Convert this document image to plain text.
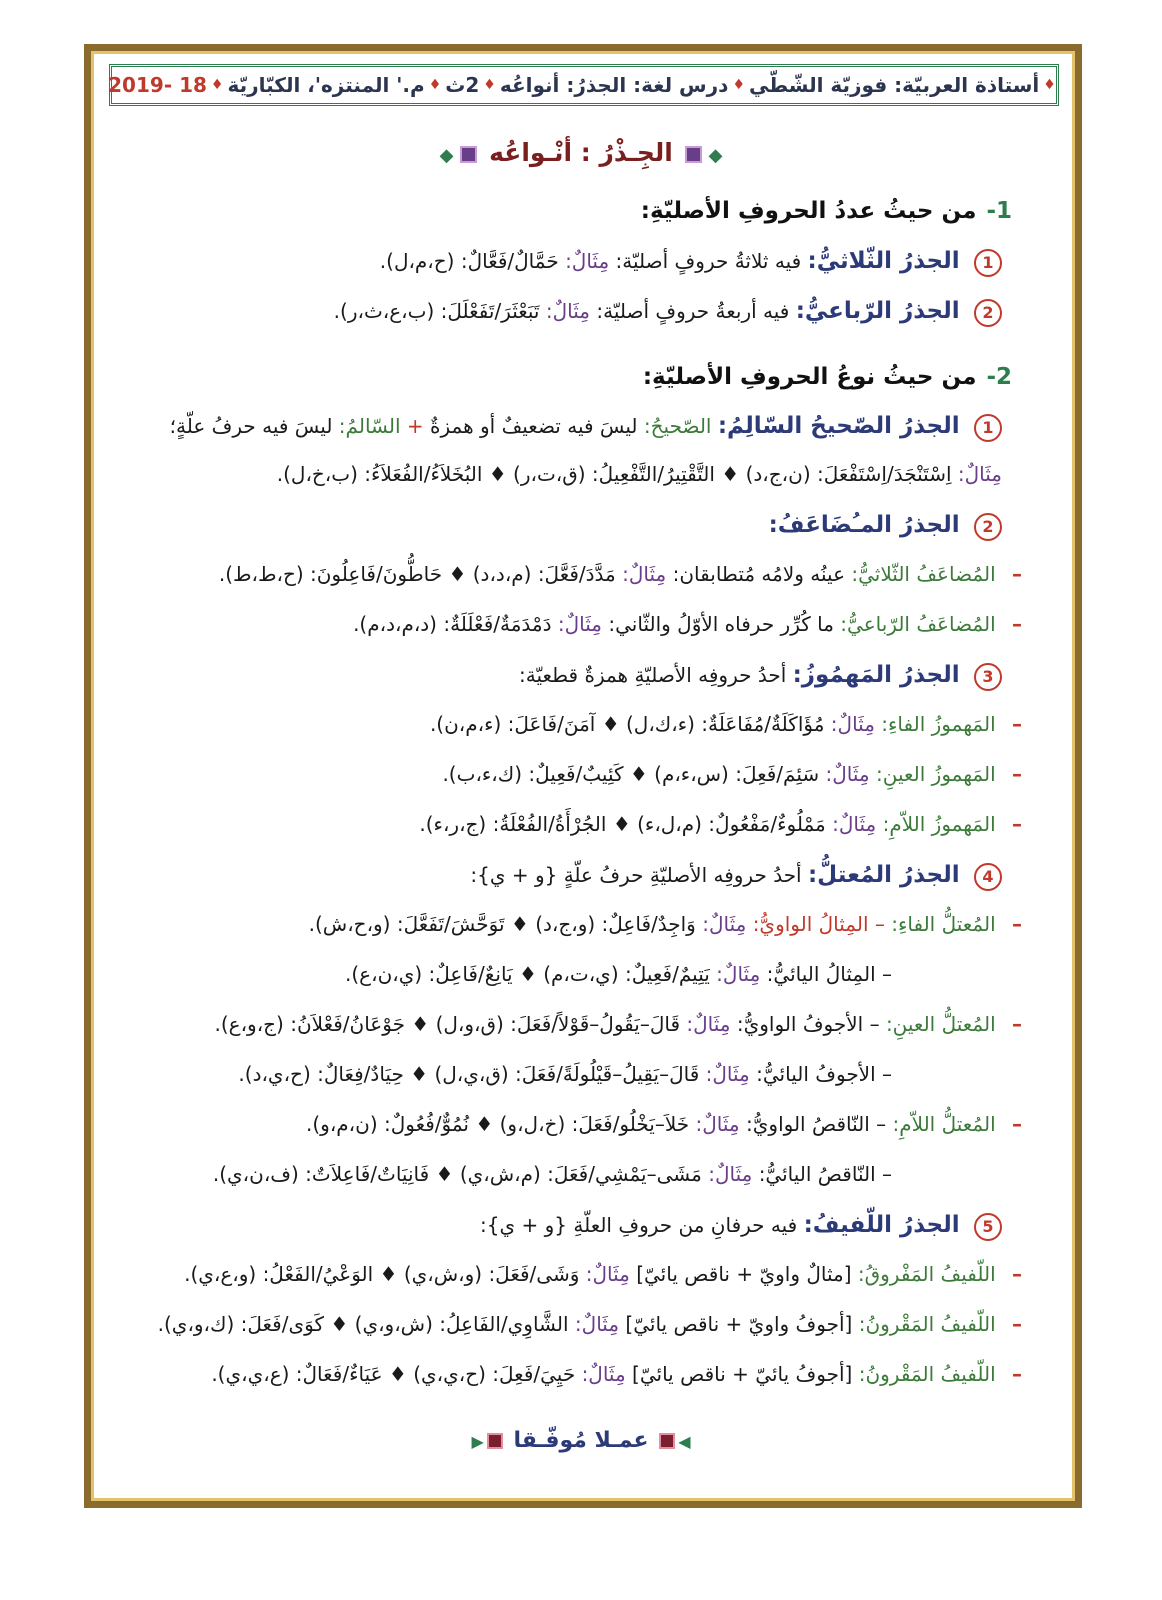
♦
أستاذة العربيّة:

فوزيّة الشّطّي
♦
درس لغة: الجذرُ: أنواعُه
♦
2ث
♦
م.' المنتزه'، الكبّاريّة
♦
18 -2019
◆ الجِـذْرُ : أنْـواعُه ◆
1-من حيثُ عددُ الحروفِ الأصليّةِ:
1 الجذرُ الثّلاثيُّ: فيه ثلاثةُ حروفٍ أصليّة: مِثَالٌ: حَمَّالٌ/فَعَّالٌ: (ح،م،ل).
2 الجذرُ الرّباعيُّ: فيه أربعةُ حروفٍ أصليّة: مِثَالٌ: تَبَعْثَرَ/تَفَعْلَلَ: (ب،ع،ث،ر).
2-من حيثُ نوعُ الحروفِ الأصليّةِ:
1 الجذرُ الصّحيحُ السّالِمُ: الصّحيحُ: ليسَ فيه تضعيفٌ أو همزةٌ + السّالمُ: ليسَ فيه حرفُ علّةٍ؛
مِثَالٌ: اِسْتَنْجَدَ/اِسْتَفْعَلَ: (ن،ج،د) ♦ التَّقْتِيرُ/التَّفْعِيلُ: (ق،ت،ر) ♦ البُخَلاَءُ/الفُعَلاَءُ: (ب،خ،ل).
2 الجذرُ المـُضَاعَفُ:
– المُضاعَفُ الثّلاثيُّ: عينُه ولامُه مُتطابقان: مِثَالٌ: مَدَّدَ/فَعَّلَ: (م،د،د) ♦ حَاطُّونَ/فَاعِلُونَ: (ح،ط،ط).
– المُضاعَفُ الرّباعيُّ: ما كُرِّر حرفاه الأوّلُ والثّاني: مِثَالٌ: دَمْدَمَةٌ/فَعْلَلَةٌ: (د،م،د،م).
3 الجذرُ المَهمُوزُ: أحدُ حروفِه الأصليّةِ همزةٌ قطعيّة:
– المَهموزُ الفاءِ: مِثَالٌ: مُؤَاكَلَةٌ/مُفَاعَلَةٌ: (ء،ك،ل) ♦ آمَنَ/فَاعَلَ: (ء،م،ن).
– المَهموزُ العينِ: مِثَالٌ: سَئِمَ/فَعِلَ: (س،ء،م) ♦ كَئِيبٌ/فَعِيلٌ: (ك،ء،ب).
– المَهموزُ اللاّمِ: مِثَالٌ: مَمْلُوءٌ/مَفْعُولٌ: (م،ل،ء) ♦ الجُرْأَةُ/الفُعْلَةُ: (ج،ر،ء).
4 الجذرُ المُعتلُّ: أحدُ حروفِه الأصليّةِ حرفُ علّةٍ {و + ي}:
– المُعتلُّ الفاءِ: – المِثالُ الواويُّ: مِثَالٌ: وَاجِدٌ/فَاعِلٌ: (و،ج،د) ♦ تَوَحَّشَ/تَفَعَّلَ: (و،ح،ش).
– المِثالُ اليائيُّ: مِثَالٌ: يَتِيمٌ/فَعِيلٌ: (ي،ت،م) ♦ يَانِعٌ/فَاعِلٌ: (ي،ن،ع).
– المُعتلُّ العينِ: – الأجوفُ الواويُّ: مِثَالٌ: قَالَ–يَقُولُ–قَوْلاً/فَعَلَ: (ق،و،ل) ♦ جَوْعَانُ/فَعْلاَنُ: (ج،و،ع).
– الأجوفُ اليائيُّ: مِثَالٌ: قَالَ–يَقِيلُ–قَيْلُولَةً/فَعَلَ: (ق،ي،ل) ♦ حِيَادٌ/فِعَالٌ: (ح،ي،د).
– المُعتلُّ اللاّمِ: – النّاقصُ الواويُّ: مِثَالٌ: خَلاَ–يَخْلُو/فَعَلَ: (خ،ل،و) ♦ نُمُوٌّ/فُعُولٌ: (ن،م،و).
– النّاقصُ اليائيُّ: مِثَالٌ: مَشَى–يَمْشِي/فَعَلَ: (م،ش،ي) ♦ فَانِيَاتٌ/فَاعِلاَتٌ: (ف،ن،ي).
5 الجذرُ اللّفيفُ: فيه حرفانِ من حروفِ العلّةِ {و + ي}:
– اللّفيفُ المَفْروقُ: [مثالٌ واويّ + ناقص يائيّ] مِثَالٌ: وَشَى/فَعَلَ: (و،ش،ي) ♦ الوَعْيُ/الفَعْلُ: (و،ع،ي).
– اللّفيفُ المَقْرونُ: [أجوفُ واويّ + ناقص يائيّ] مِثَالٌ: الشَّاوِي/الفَاعِلُ: (ش،و،ي) ♦ كَوَى/فَعَلَ: (ك،و،ي).
– اللّفيفُ المَقْرونُ: [أجوفُ يائيّ + ناقص يائيّ] مِثَالٌ: حَيِيَ/فَعِلَ: (ح،ي،ي) ♦ عَيَاءٌ/فَعَالٌ: (ع،ي،ي).
◀ عمـلا مُوفّـقا ▶
